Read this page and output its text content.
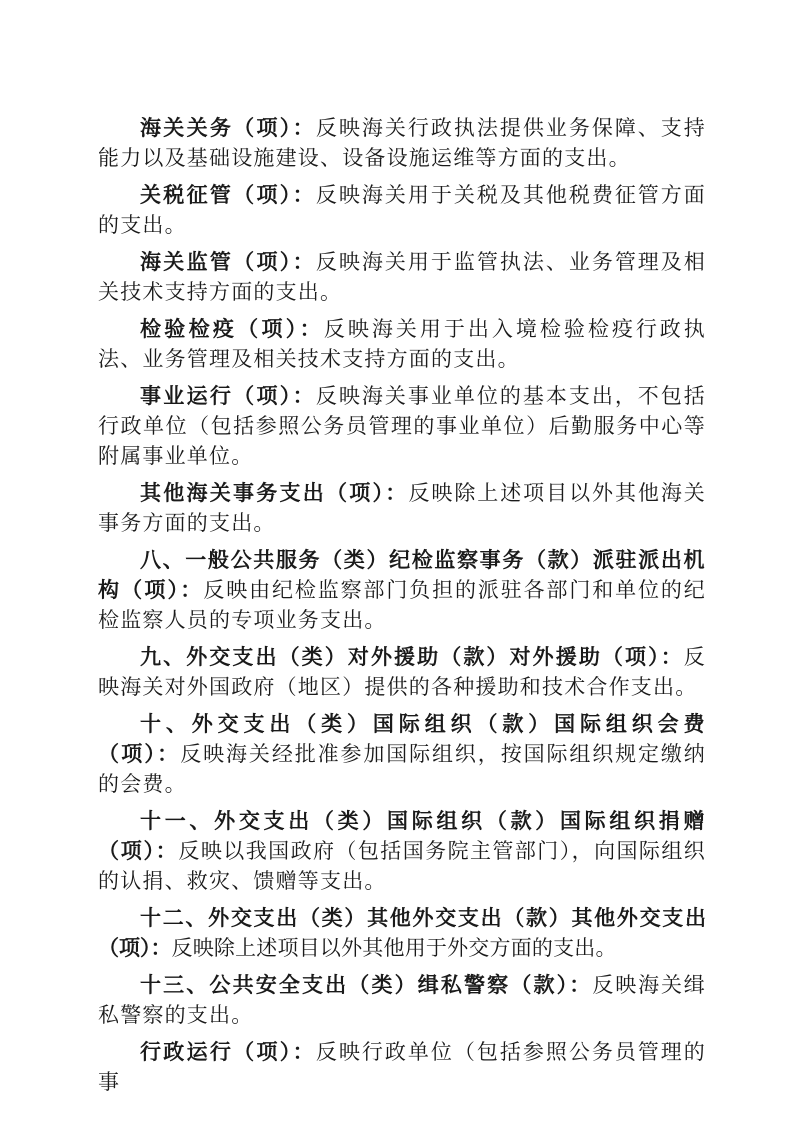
海关关务（项）：反映海关行政执法提供业务保障、支持能力以及基础设施建设、设备设施运维等方面的支出。

关税征管（项）：反映海关用于关税及其他税费征管方面的支出。

海关监管（项）：反映海关用于监管执法、业务管理及相关技术支持方面的支出。

检验检疫（项）：反映海关用于出入境检验检疫行政执法、业务管理及相关技术支持方面的支出。

事业运行（项）：反映海关事业单位的基本支出，不包括行政单位（包括参照公务员管理的事业单位）后勤服务中心等附属事业单位。

其他海关事务支出（项）：反映除上述项目以外其他海关事务方面的支出。

八、一般公共服务（类）纪检监察事务（款）派驻派出机构（项）：反映由纪检监察部门负担的派驻各部门和单位的纪检监察人员的专项业务支出。

九、外交支出（类）对外援助（款）对外援助（项）：反映海关对外国政府（地区）提供的各种援助和技术合作支出。

十、外交支出（类）国际组织（款）国际组织会费（项）：反映海关经批准参加国际组织，按国际组织规定缴纳的会费。

十一、外交支出（类）国际组织（款）国际组织捐赠（项）：反映以我国政府（包括国务院主管部门），向国际组织的认捐、救灾、馈赠等支出。

十二、外交支出（类）其他外交支出（款）其他外交支出（项）：反映除上述项目以外其他用于外交方面的支出。

十三、公共安全支出（类）缉私警察（款）：反映海关缉私警察的支出。

行政运行（项）：反映行政单位（包括参照公务员管理的事
